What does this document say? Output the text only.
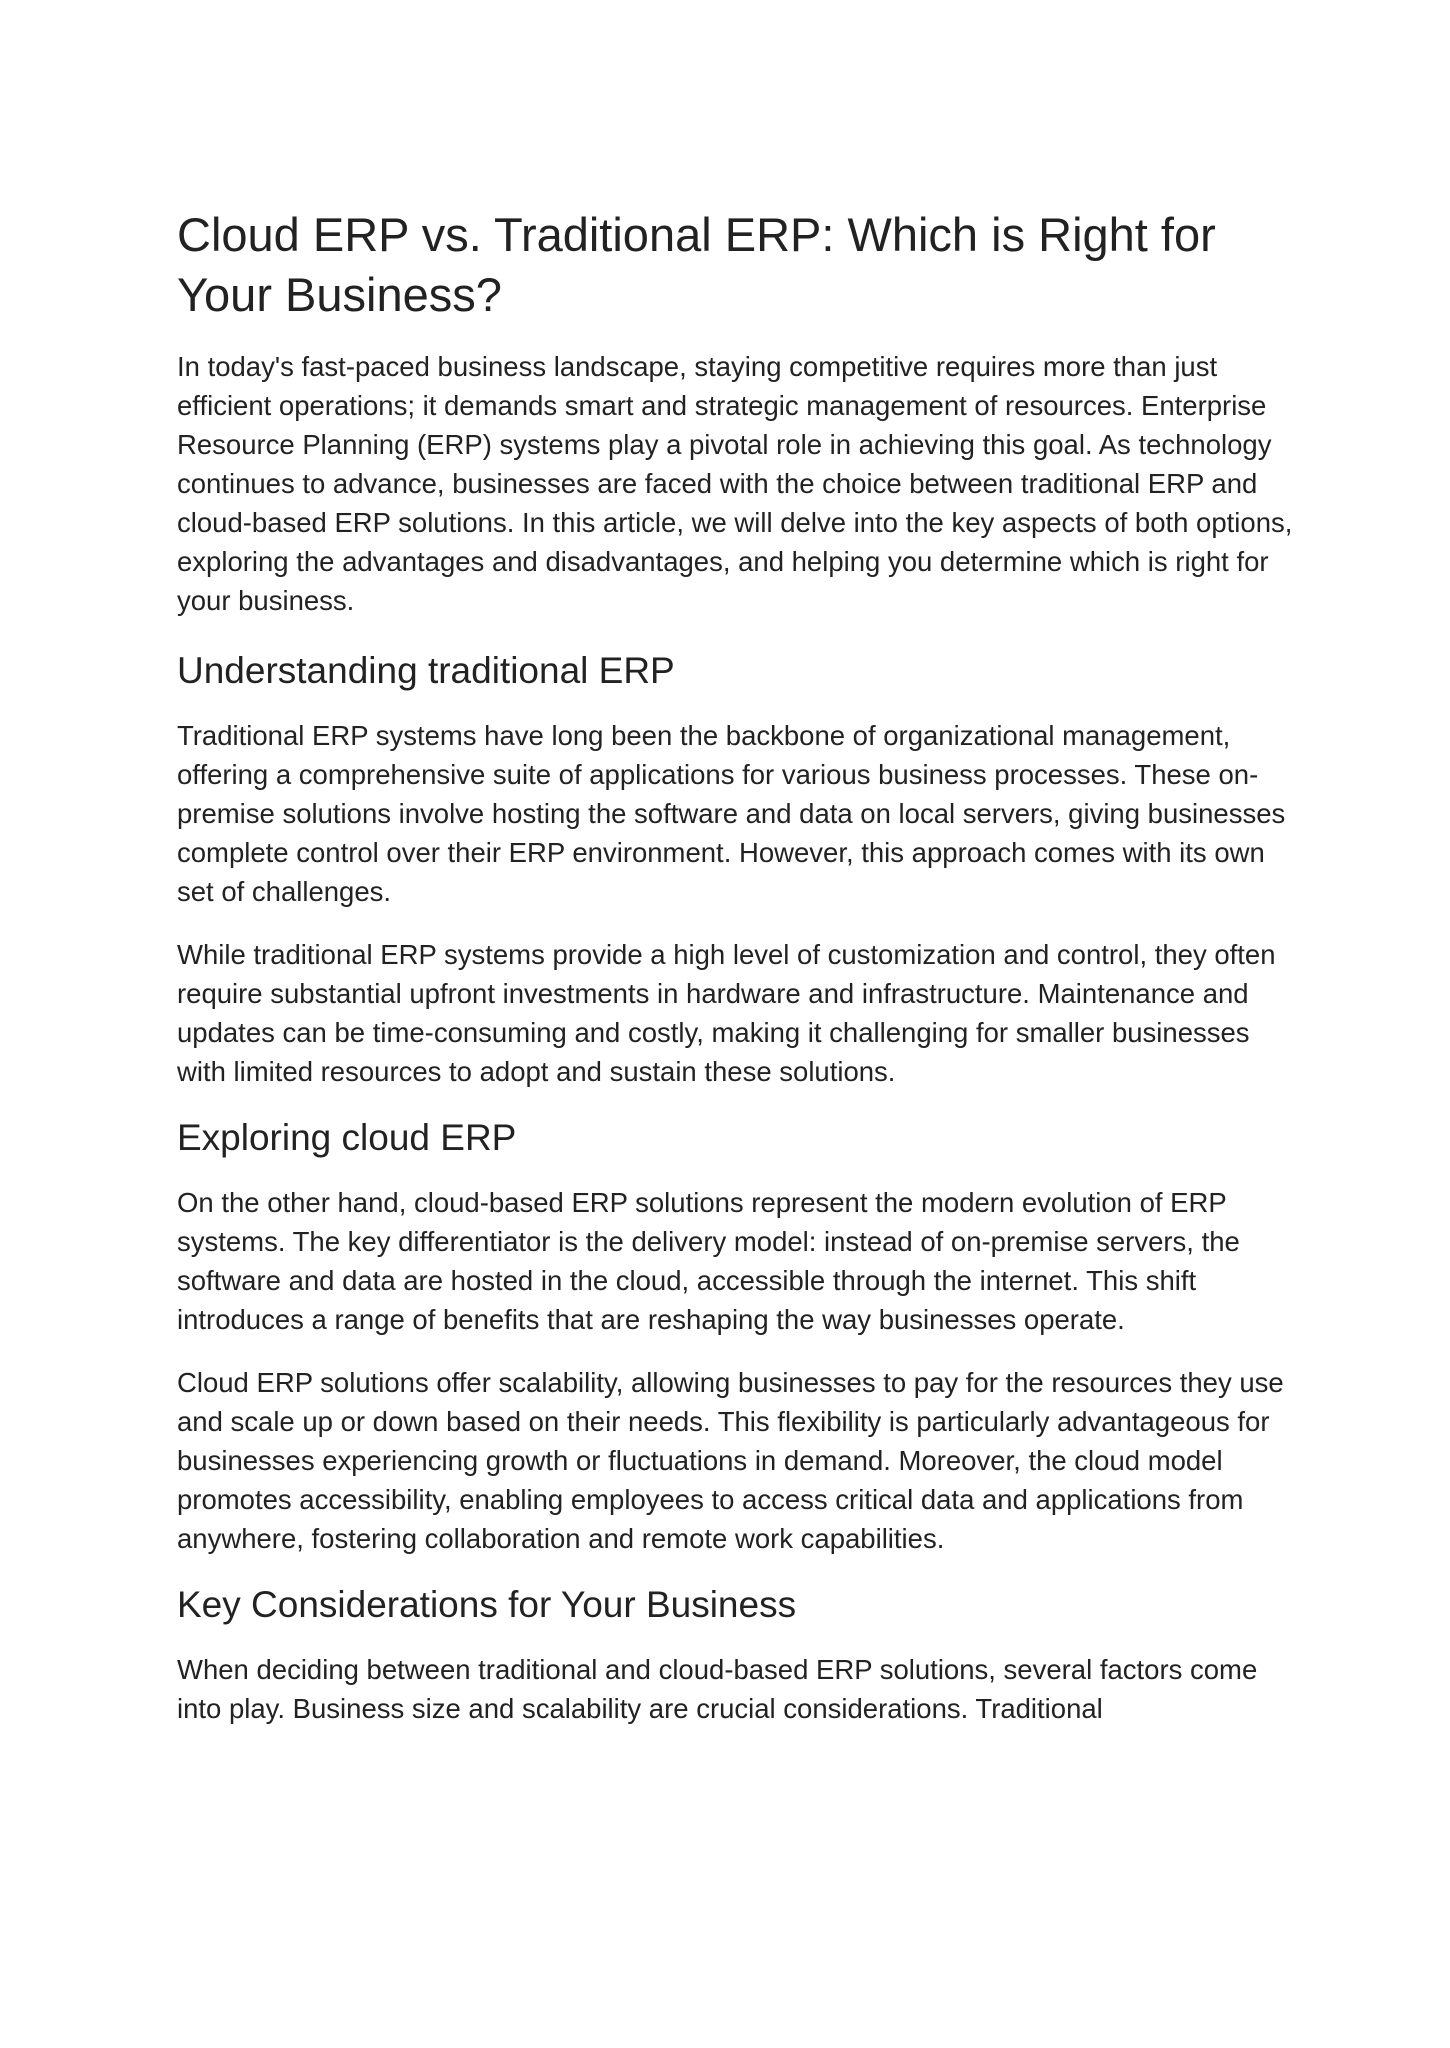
Cloud ERP vs. Traditional ERP: Which is Right for Your Business?

In today's fast-paced business landscape, staying competitive requires more than just efficient operations; it demands smart and strategic management of resources. Enterprise Resource Planning (ERP) systems play a pivotal role in achieving this goal. As technology continues to advance, businesses are faced with the choice between traditional ERP and cloud-based ERP solutions. In this article, we will delve into the key aspects of both options, exploring the advantages and disadvantages, and helping you determine which is right for your business.

Understanding traditional ERP

Traditional ERP systems have long been the backbone of organizational management, offering a comprehensive suite of applications for various business processes. These on-premise solutions involve hosting the software and data on local servers, giving businesses complete control over their ERP environment. However, this approach comes with its own set of challenges.

While traditional ERP systems provide a high level of customization and control, they often require substantial upfront investments in hardware and infrastructure. Maintenance and updates can be time-consuming and costly, making it challenging for smaller businesses with limited resources to adopt and sustain these solutions.

Exploring cloud ERP

On the other hand, cloud-based ERP solutions represent the modern evolution of ERP systems. The key differentiator is the delivery model: instead of on-premise servers, the software and data are hosted in the cloud, accessible through the internet. This shift introduces a range of benefits that are reshaping the way businesses operate.

Cloud ERP solutions offer scalability, allowing businesses to pay for the resources they use and scale up or down based on their needs. This flexibility is particularly advantageous for businesses experiencing growth or fluctuations in demand. Moreover, the cloud model promotes accessibility, enabling employees to access critical data and applications from anywhere, fostering collaboration and remote work capabilities.

Key Considerations for Your Business

When deciding between traditional and cloud-based ERP solutions, several factors come into play. Business size and scalability are crucial considerations. Traditional
